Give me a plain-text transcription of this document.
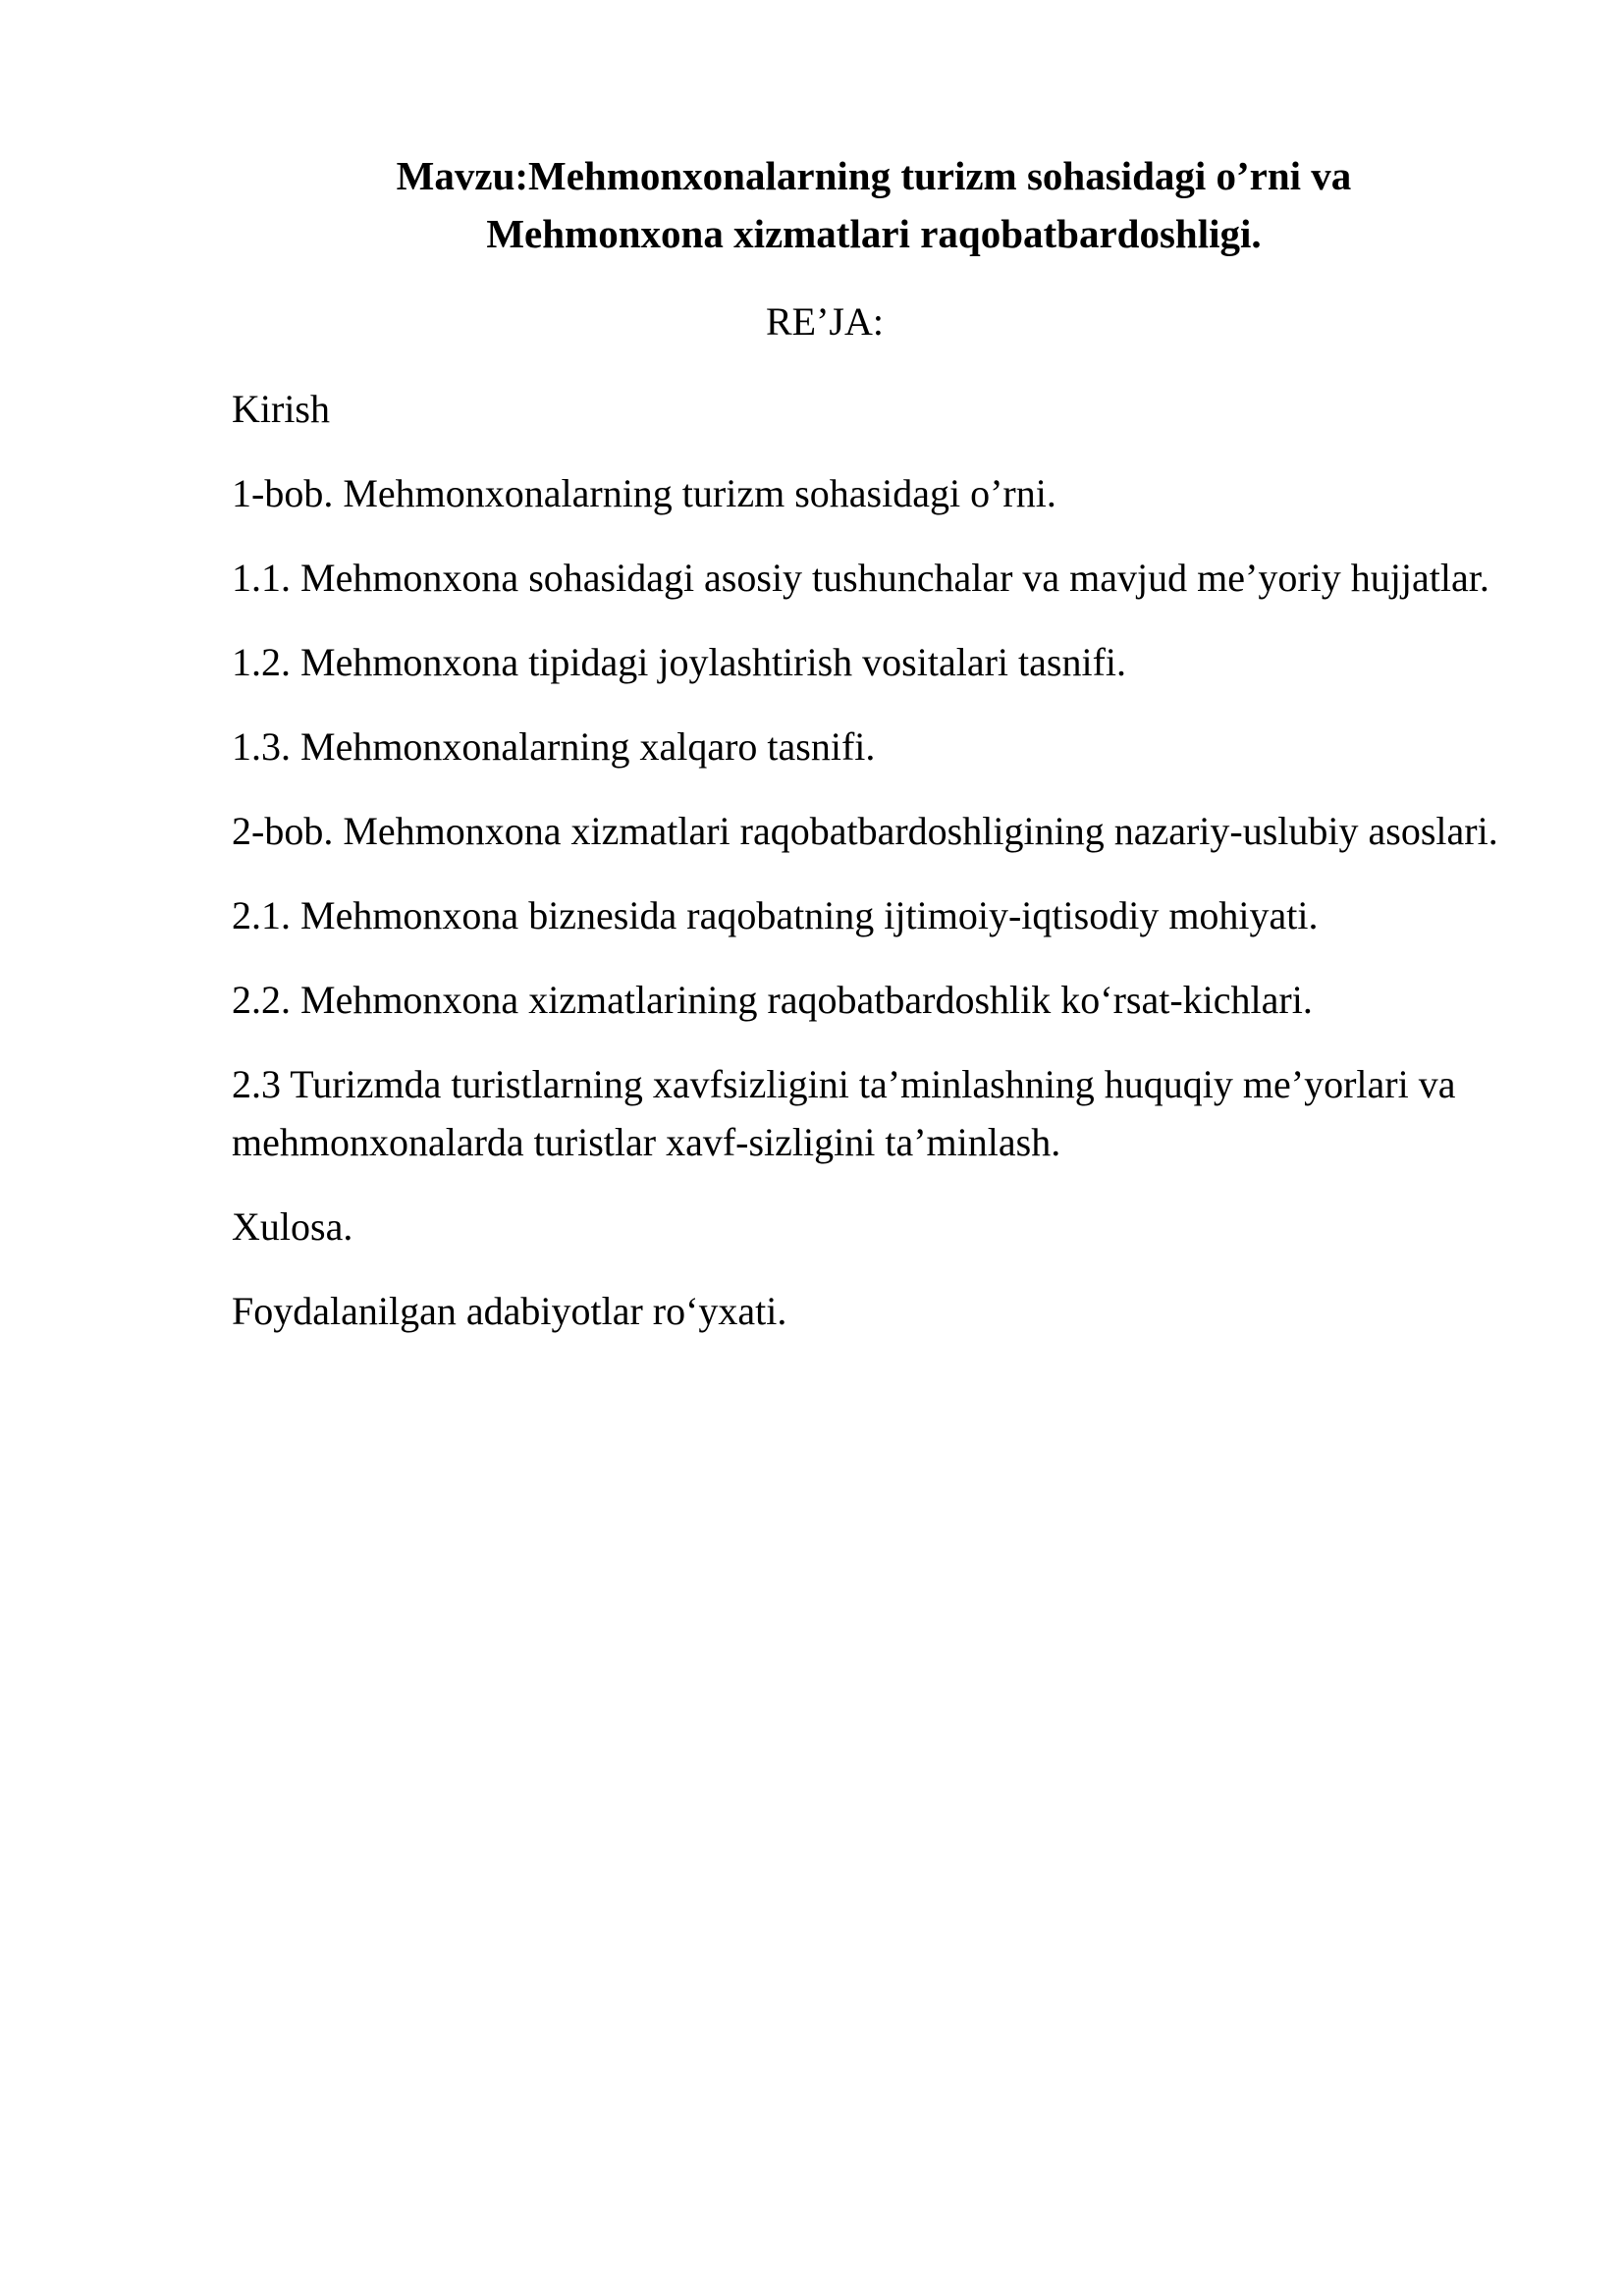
Mavzu:Mehmonxonalarning turizm sohasidagi o’rni va
Mehmonxona xizmatlari raqobatbardoshligi.

RE’JA:

Kirish
1-bob. Mehmonxonalarning turizm sohasidagi o’rni.
1.1. Mehmonxona sohasidagi asosiy tushunchalar va mavjud me’yoriy hujjatlar.
1.2. Mehmonxona tipidagi joylashtirish vositalari tasnifi.
1.3. Mehmonxonalarning xalqaro tasnifi.
2-bob. Mehmonxona xizmatlari raqobatbardoshligining nazariy-uslubiy asoslari.
2.1. Mehmonxona biznesida raqobatning ijtimoiy-iqtisodiy mohiyati.
2.2. Mehmonxona xizmatlarining raqobatbardoshlik ko‘rsat-kichlari.
2.3 Turizmda turistlarning xavfsizligini ta’minlashning huquqiy me’yorlari va mehmonxonalarda turistlar xavf-sizligini ta’minlash.
Xulosa.
Foydalanilgan adabiyotlar ro‘yxati.
